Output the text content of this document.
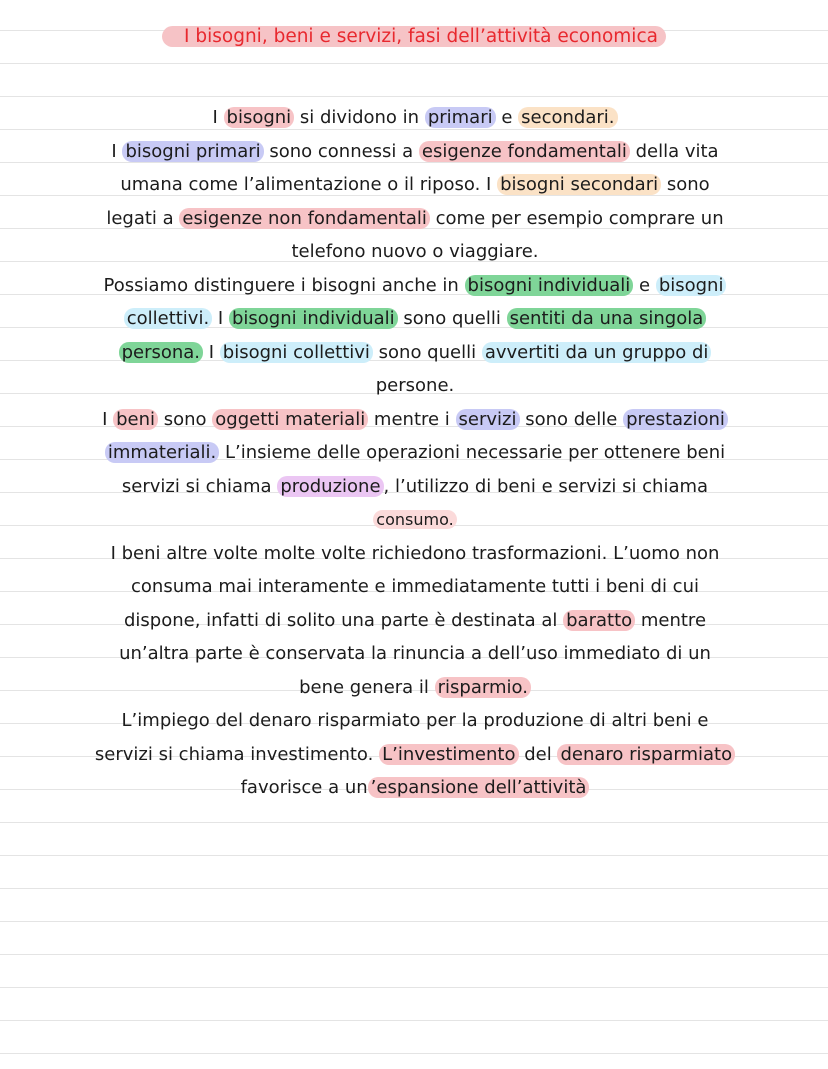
I bisogni, beni e servizi, fasi dell’attività economica
I bisogni si dividono in primari e secondari.
I bisogni primari sono connessi a esigenze fondamentali della vita
umana come l’alimentazione o il riposo. I bisogni secondari sono
legati a esigenze non fondamentali come per esempio comprare un
telefono nuovo o viaggiare.
Possiamo distinguere i bisogni anche in bisogni individuali e bisogni
collettivi. I bisogni individuali sono quelli sentiti da una singola
persona. I bisogni collettivi sono quelli avvertiti da un gruppo di
persone.
I beni sono oggetti materiali mentre i servizi sono delle prestazioni
immateriali. L’insieme delle operazioni necessarie per ottenere beni
servizi si chiama produzione , l’utilizzo di beni e servizi si chiama
consumo.
I beni altre volte molte volte richiedono trasformazioni. L’uomo non
consuma mai interamente e immediatamente tutti i beni di cui
dispone, infatti di solito una parte è destinata al baratto mentre
un’altra parte è conservata la rinuncia a dell’uso immediato di un
bene genera il risparmio.
L’impiego del denaro risparmiato per la produzione di altri beni e
servizi si chiama investimento. L’investimento del denaro risparmiato
favorisce a un ’espansione dell’attività
